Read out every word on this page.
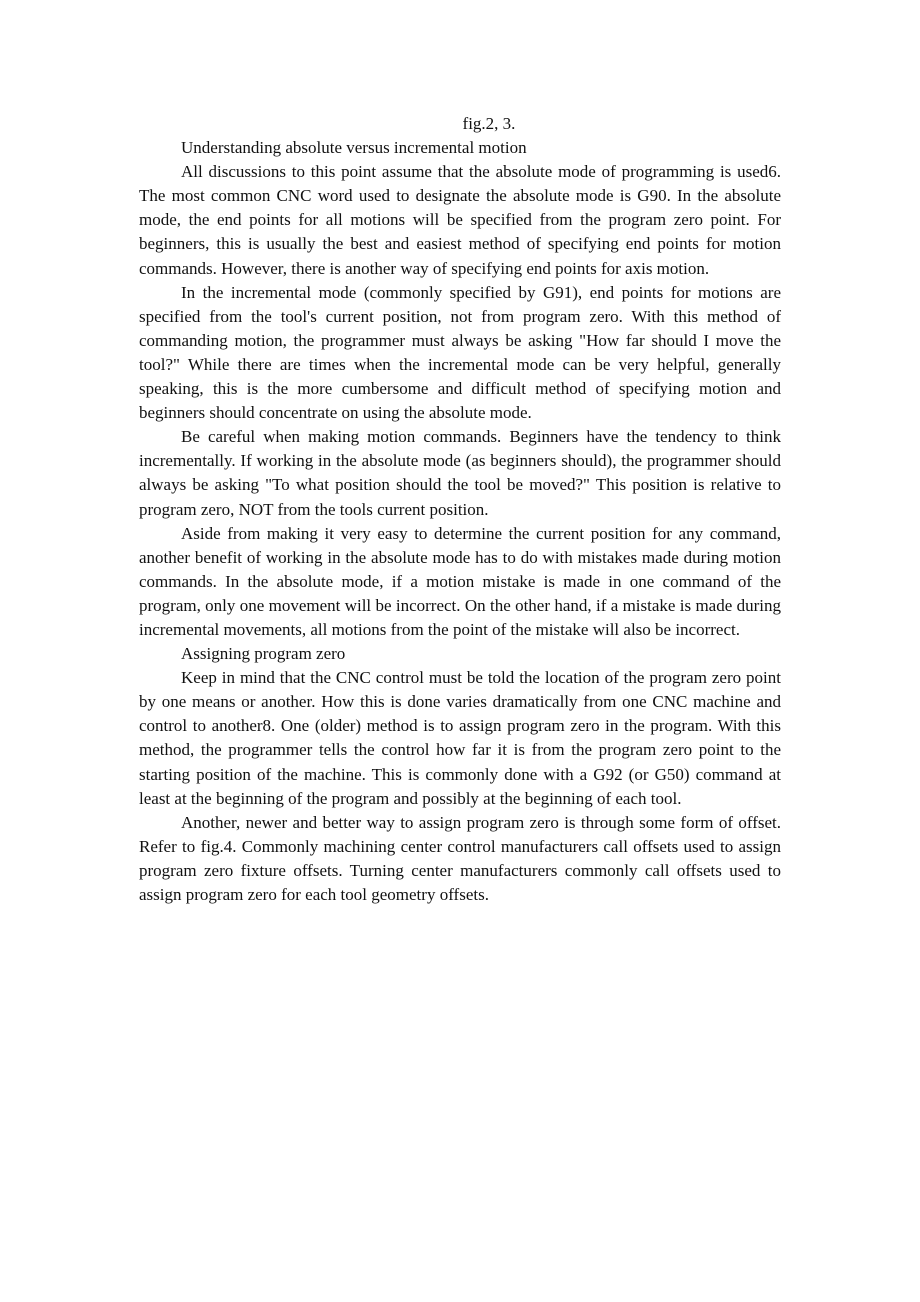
fig.2, 3.

Understanding absolute versus incremental motion

All discussions to this point assume that the absolute mode of programming is used6. The most common CNC word used to designate the absolute mode is G90. In the absolute mode, the end points for all motions will be specified from the program zero point. For beginners, this is usually the best and easiest method of specifying end points for motion commands. However, there is another way of specifying end points for axis motion.

In the incremental mode (commonly specified by G91), end points for motions are specified from the tool's current position, not from program zero. With this method of commanding motion, the programmer must always be asking "How far should I move the tool?" While there are times when the incremental mode can be very helpful, generally speaking, this is the more cumbersome and difficult method of specifying motion and beginners should concentrate on using the absolute mode.

Be careful when making motion commands. Beginners have the tendency to think incrementally. If working in the absolute mode (as beginners should), the programmer should always be asking "To what position should the tool be moved?" This position is relative to program zero, NOT from the tools current position.

Aside from making it very easy to determine the current position for any command, another benefit of working in the absolute mode has to do with mistakes made during motion commands. In the absolute mode, if a motion mistake is made in one command of the program, only one movement will be incorrect. On the other hand, if a mistake is made during incremental movements, all motions from the point of the mistake will also be incorrect.

Assigning program zero

Keep in mind that the CNC control must be told the location of the program zero point by one means or another. How this is done varies dramatically from one CNC machine and control to another8. One (older) method is to assign program zero in the program. With this method, the programmer tells the control how far it is from the program zero point to the starting position of the machine. This is commonly done with a G92 (or G50) command at least at the beginning of the program and possibly at the beginning of each tool.

Another, newer and better way to assign program zero is through some form of offset. Refer to fig.4. Commonly machining center control manufacturers call offsets used to assign program zero fixture offsets. Turning center manufacturers commonly call offsets used to assign program zero for each tool geometry offsets.
